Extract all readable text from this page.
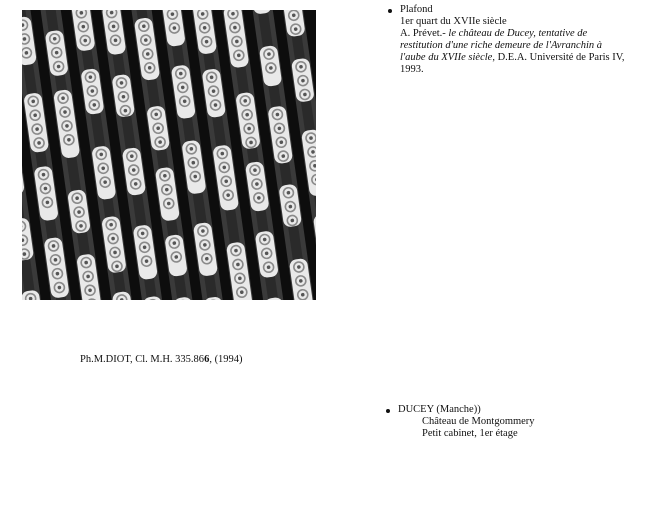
Plafond
1er quart du XVIIe siècle
A. Prévet.- le château de Ducey, tentative de
restitution d'une riche demeure de l'Avranchin à
l'aube du XVIIe siècle, D.E.A. Université de Paris IV,
1993.
Ph.M.DIOT, Cl. M.H. 335.866, (1994)
DUCEY (Manche))
Château de Montgommery
Petit cabinet, 1er étage
